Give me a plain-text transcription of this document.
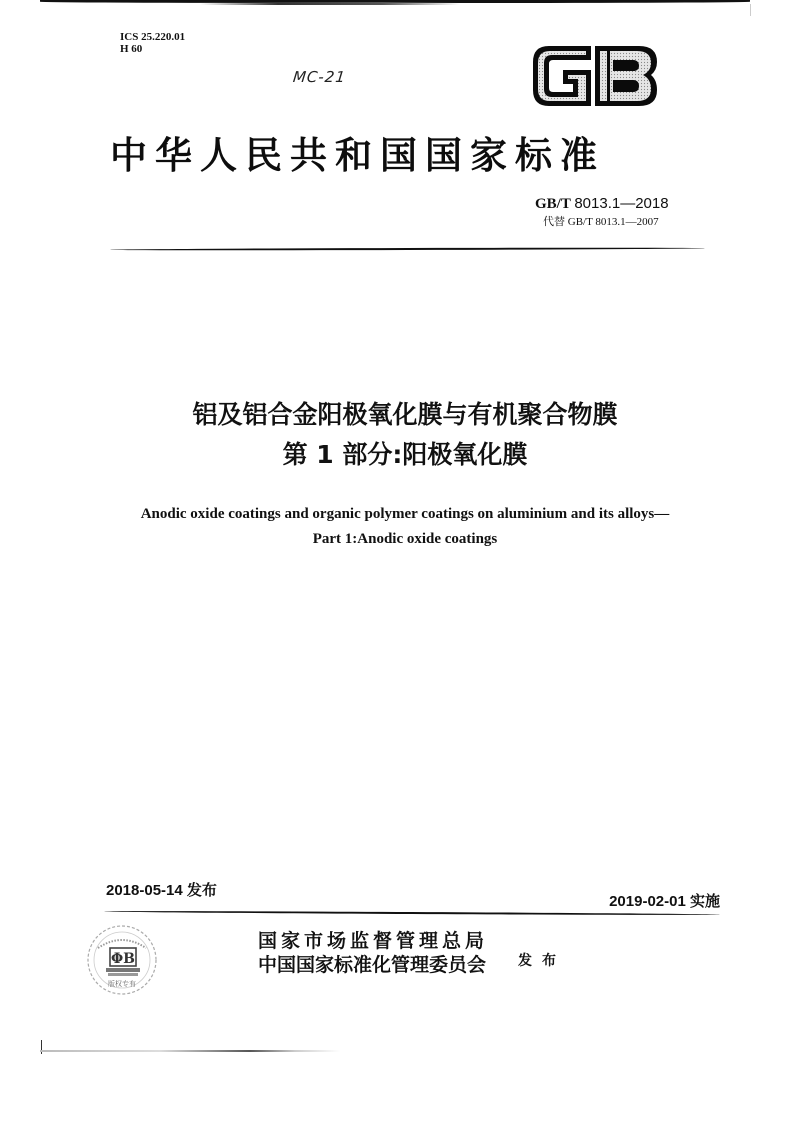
ICS 25.220.01
H 60
MC-21
中华人民共和国国家标准
GB/T 8013.1—2018
代替 GB/T 8013.1—2007
铝及铝合金阳极氧化膜与有机聚合物膜
第 1 部分:阳极氧化膜
Anodic oxide coatings and organic polymer coatings on aluminium and its alloys—
Part 1:Anodic oxide coatings
2018-05-14 发布
2019-02-01 实施
ΦB
版权专有
国家市场监督管理总局
中国国家标准化管理委员会 发布
